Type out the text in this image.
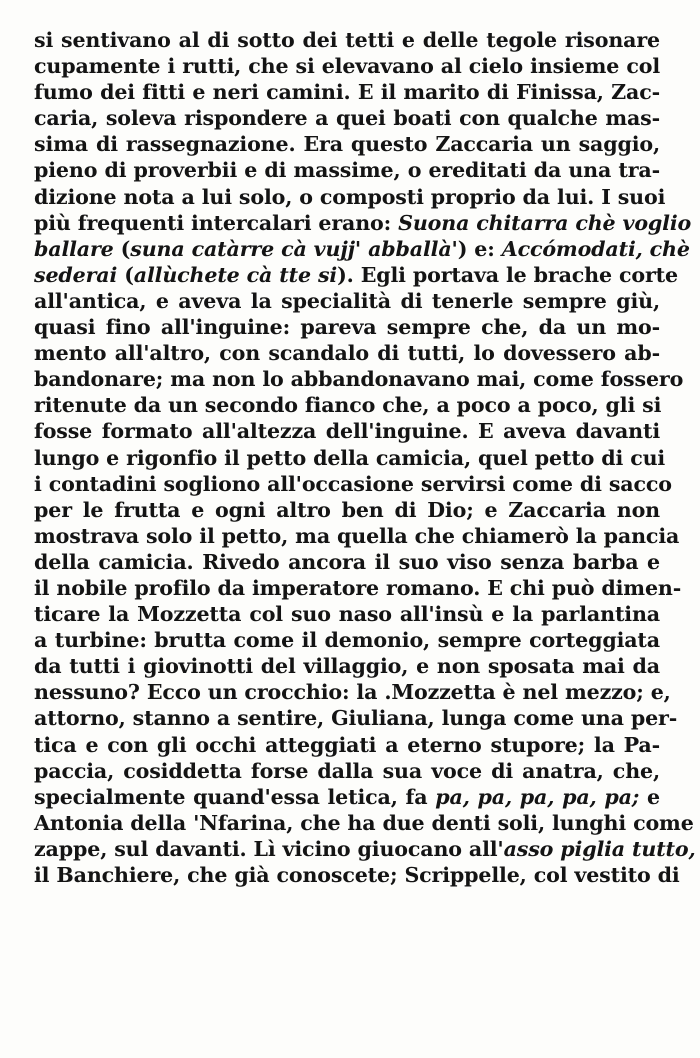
si sentivano al di sotto dei tetti e delle tegole risonare
cupamente i rutti, che si elevavano al cielo insieme col
fumo dei fitti e neri camini. E il marito di Finissa, Zac-
caria, soleva rispondere a quei boati con qualche mas-
sima di rassegnazione. Era questo Zaccaria un saggio,
pieno di proverbii e di massime, o ereditati da una tra-
dizione nota a lui solo, o composti proprio da lui. I suoi
più frequenti intercalari erano: Suona chitarra chè voglio
ballare (suna catàrre cà vujj' abballà') e: Accómodati, chè
sederai (allùchete cà tte si). Egli portava le brache corte
all'antica, e aveva la specialità di tenerle sempre giù,
quasi fino all'inguine: pareva sempre che, da un mo-
mento all'altro, con scandalo di tutti, lo dovessero ab-
bandonare; ma non lo abbandonavano mai, come fossero
ritenute da un secondo fianco che, a poco a poco, gli si
fosse formato all'altezza dell'inguine. E aveva davanti
lungo e rigonfio il petto della camicia, quel petto di cui
i contadini sogliono all'occasione servirsi come di sacco
per le frutta e ogni altro ben di Dio; e Zaccaria non
mostrava solo il petto, ma quella che chiamerò la pancia
della camicia. Rivedo ancora il suo viso senza barba e
il nobile profilo da imperatore romano. E chi può dimen-
ticare la Mozzetta col suo naso all'insù e la parlantina
a turbine: brutta come il demonio, sempre corteggiata
da tutti i giovinotti del villaggio, e non sposata mai da
nessuno? Ecco un crocchio: la .Mozzetta è nel mezzo; e,
attorno, stanno a sentire, Giuliana, lunga come una per-
tica e con gli occhi atteggiati a eterno stupore; la Pa-
paccia, cosiddetta forse dalla sua voce di anatra, che,
specialmente quand'essa letica, fa pa, pa, pa, pa, pa; e
Antonia della 'Nfarina, che ha due denti soli, lunghi come
zappe, sul davanti. Lì vicino giuocano all'asso piglia tutto,
il Banchiere, che già conoscete; Scrippelle, col vestito di
